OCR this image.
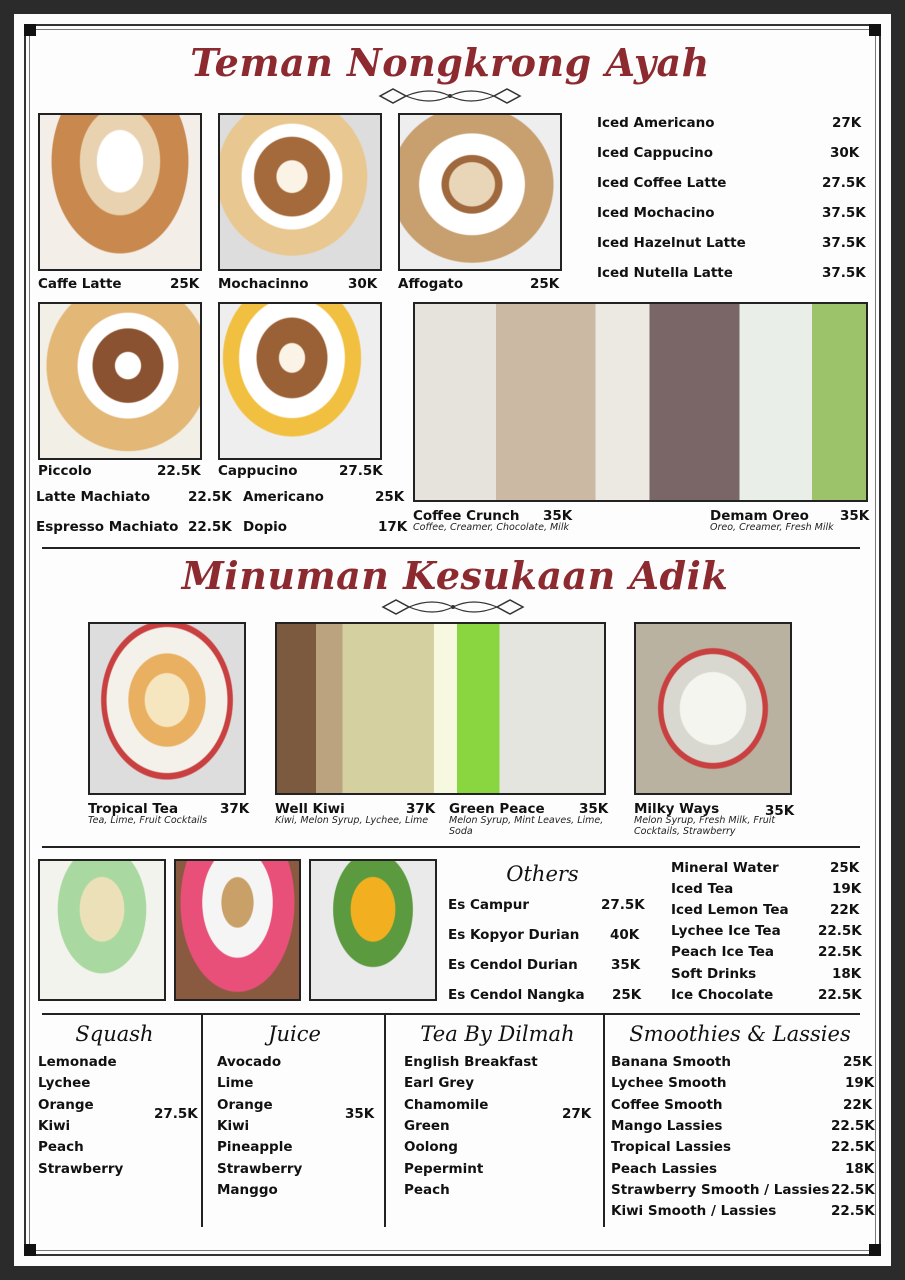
Teman Nongkrong Ayah
Caffe Latte	25K Mochacinno	30K Affogato	25K
Iced Americano	27K
Iced Cappucino	30K
Iced Coffee Latte	27.5K
Iced Mochacino	37.5K
Iced Hazelnut Latte	37.5K
Iced Nutella Latte	37.5K
Piccolo	22.5K Cappucino	27.5K
Latte Machiato	22.5K Americano	25K
Espresso Machiato 22.5K Dopio	17K
Coffee Crunch 35K
Coffee, Creamer, Chocolate, Milk
Demam Oreo 35K
Oreo, Creamer, Fresh Milk
Minuman Kesukaan Adik
Tropical Tea	37K
Tea, Lime, Fruit Cocktails
Well Kiwi	37K
Kiwi, Melon Syrup, Lychee, Lime
Green Peace	35K
Melon Syrup, Mint Leaves, Lime,
Soda
Milky Ways	35K
Melon Syrup, Fresh Milk, Fruit
Cocktails, Strawberry
Others
Es Campur	27.5K
Es Kopyor Durian 40K
Es Cendol Durian 35K
Es Cendol Nangka 25K
Mineral Water	25K
Iced Tea	19K
Iced Lemon Tea	22K
Lychee Ice Tea	22.5K
Peach Ice Tea	22.5K
Soft Drinks	18K
Ice Chocolate	22.5K
Squash
Lemonade
Lychee
Orange
Kiwi
Peach
Strawberry
27.5K
Juice
Avocado
Lime
Orange
Kiwi
Pineapple
Strawberry
Manggo
35K
Tea By Dilmah
English Breakfast
Earl Grey
Chamomile
Green
Oolong
Pepermint
Peach
27K
Smoothies & Lassies
Banana Smooth	25K
Lychee Smooth	19K
Coffee Smooth	22K
Mango Lassies	22.5K
Tropical Lassies	22.5K
Peach Lassies	18K
Strawberry Smooth / Lassies 22.5K
Kiwi Smooth / Lassies	22.5K
